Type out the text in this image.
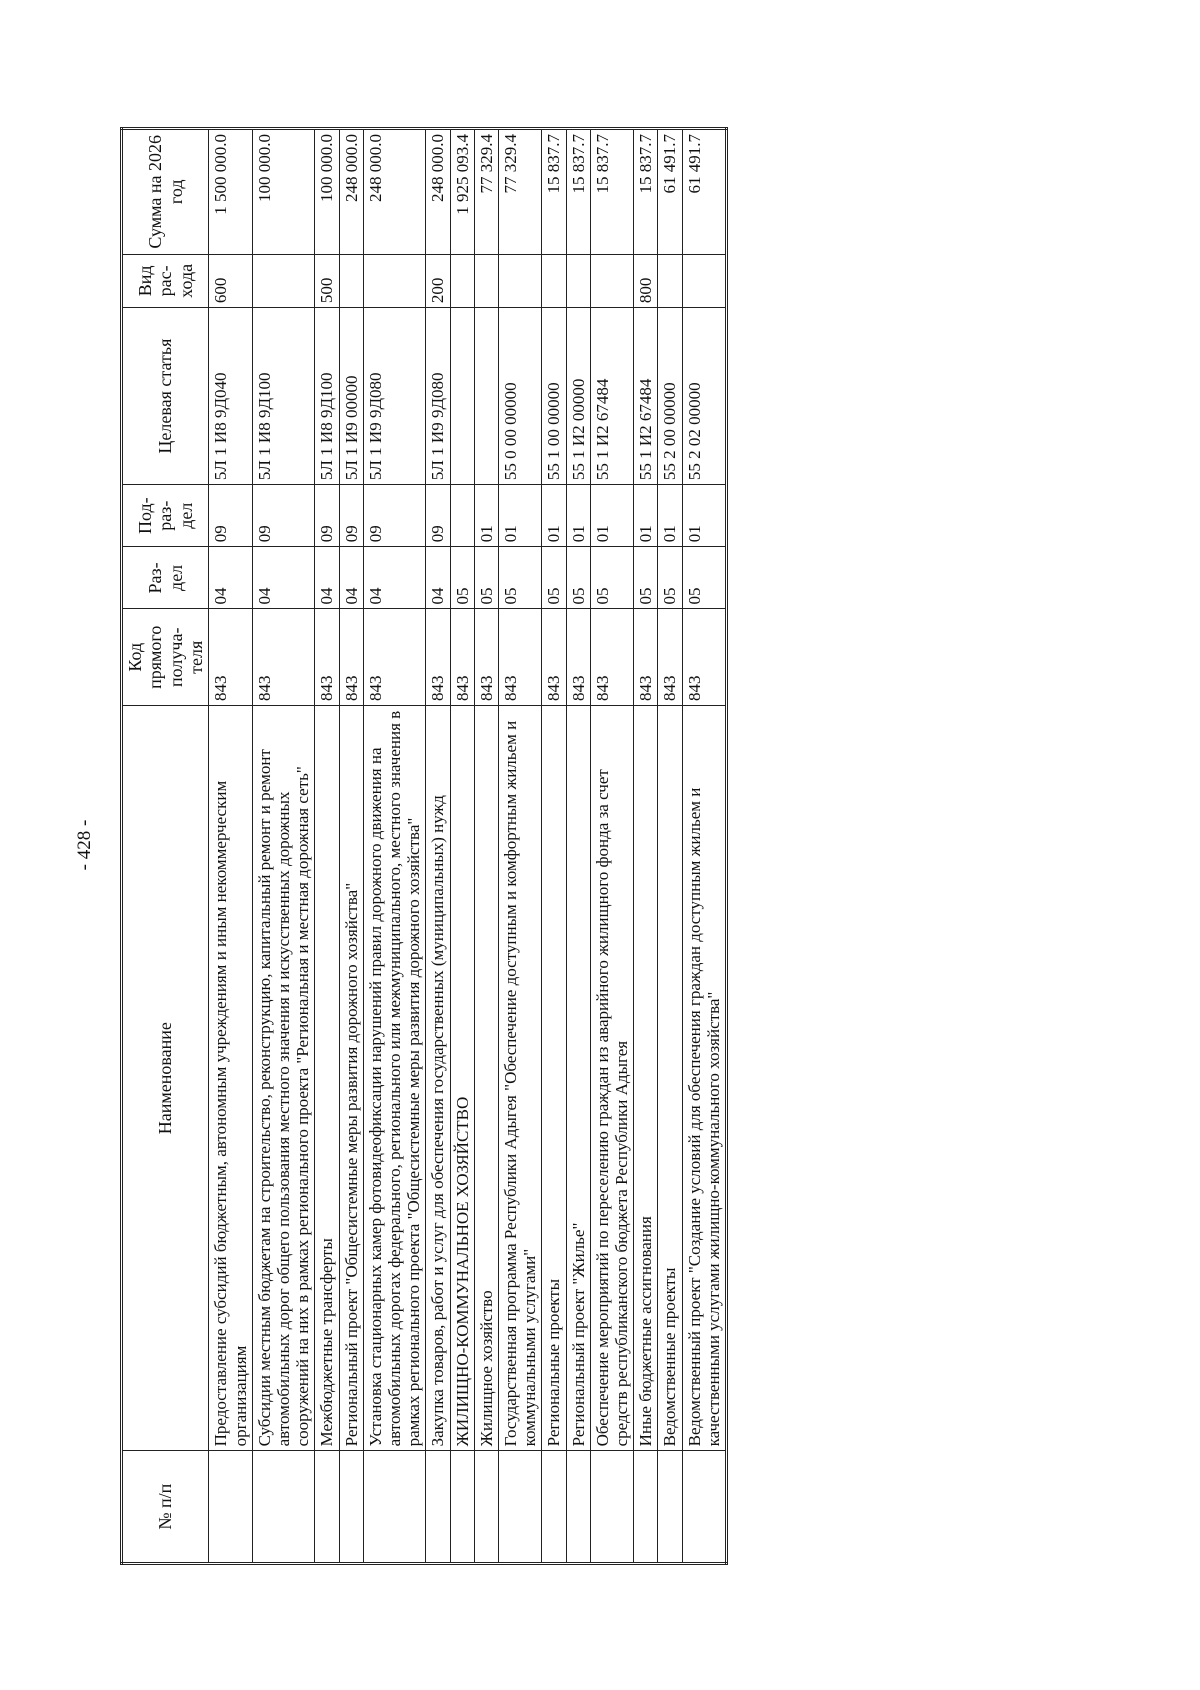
- 428 -
№ п/п	Наименование	Код прямого получа-теля	Раз-дел	Под-раз-дел	Целевая статья	Вид рас-хода	Сумма на 2026 год
	Предоставление субсидий бюджетным, автономным учреждениям и иным некоммерческим организациям	843	04	09	5Л 1 И8 9Д040	600	1 500 000.0
	Субсидии местным бюджетам на строительство, реконструкцию, капитальный ремонт и ремонт автомобильных дорог общего пользования местного значения и искусственных дорожных сооружений на них в рамках регионального проекта "Региональная и местная дорожная сеть"	843	04	09	5Л 1 И8 9Д100		100 000.0
	Межбюджетные трансферты	843	04	09	5Л 1 И8 9Д100	500	100 000.0
	Региональный проект "Общесистемные меры развития дорожного хозяйства"	843	04	09	5Л 1 И9 00000		248 000.0
	Установка стационарных камер фотовидеофиксации нарушений правил дорожного движения на автомобильных дорогах федерального, регионального или межмуниципального, местного значения в рамках регионального проекта "Общесистемные меры развития дорожного хозяйства"	843	04	09	5Л 1 И9 9Д080		248 000.0
	Закупка товаров, работ и услуг для обеспечения государственных (муниципальных) нужд	843	04	09	5Л 1 И9 9Д080	200	248 000.0
	ЖИЛИЩНО-КОММУНАЛЬНОЕ ХОЗЯЙСТВО	843	05				1 925 093.4
	Жилищное хозяйство	843	05	01			77 329.4
	Государственная программа Республики Адыгея "Обеспечение доступным и комфортным жильем и коммунальными услугами"	843	05	01	55 0 00 00000		77 329.4
	Региональные проекты	843	05	01	55 1 00 00000		15 837.7
	Региональный проект "Жилье"	843	05	01	55 1 И2 00000		15 837.7
	Обеспечение мероприятий по переселению граждан из аварийного жилищного фонда за счет средств республиканского бюджета Республики Адыгея	843	05	01	55 1 И2 67484		15 837.7
	Иные бюджетные ассигнования	843	05	01	55 1 И2 67484	800	15 837.7
	Ведомственные проекты	843	05	01	55 2 00 00000		61 491.7
	Ведомственный проект "Создание условий для обеспечения граждан доступным жильем и качественными услугами жилищно-коммунального хозяйства"	843	05	01	55 2 02 00000		61 491.7
